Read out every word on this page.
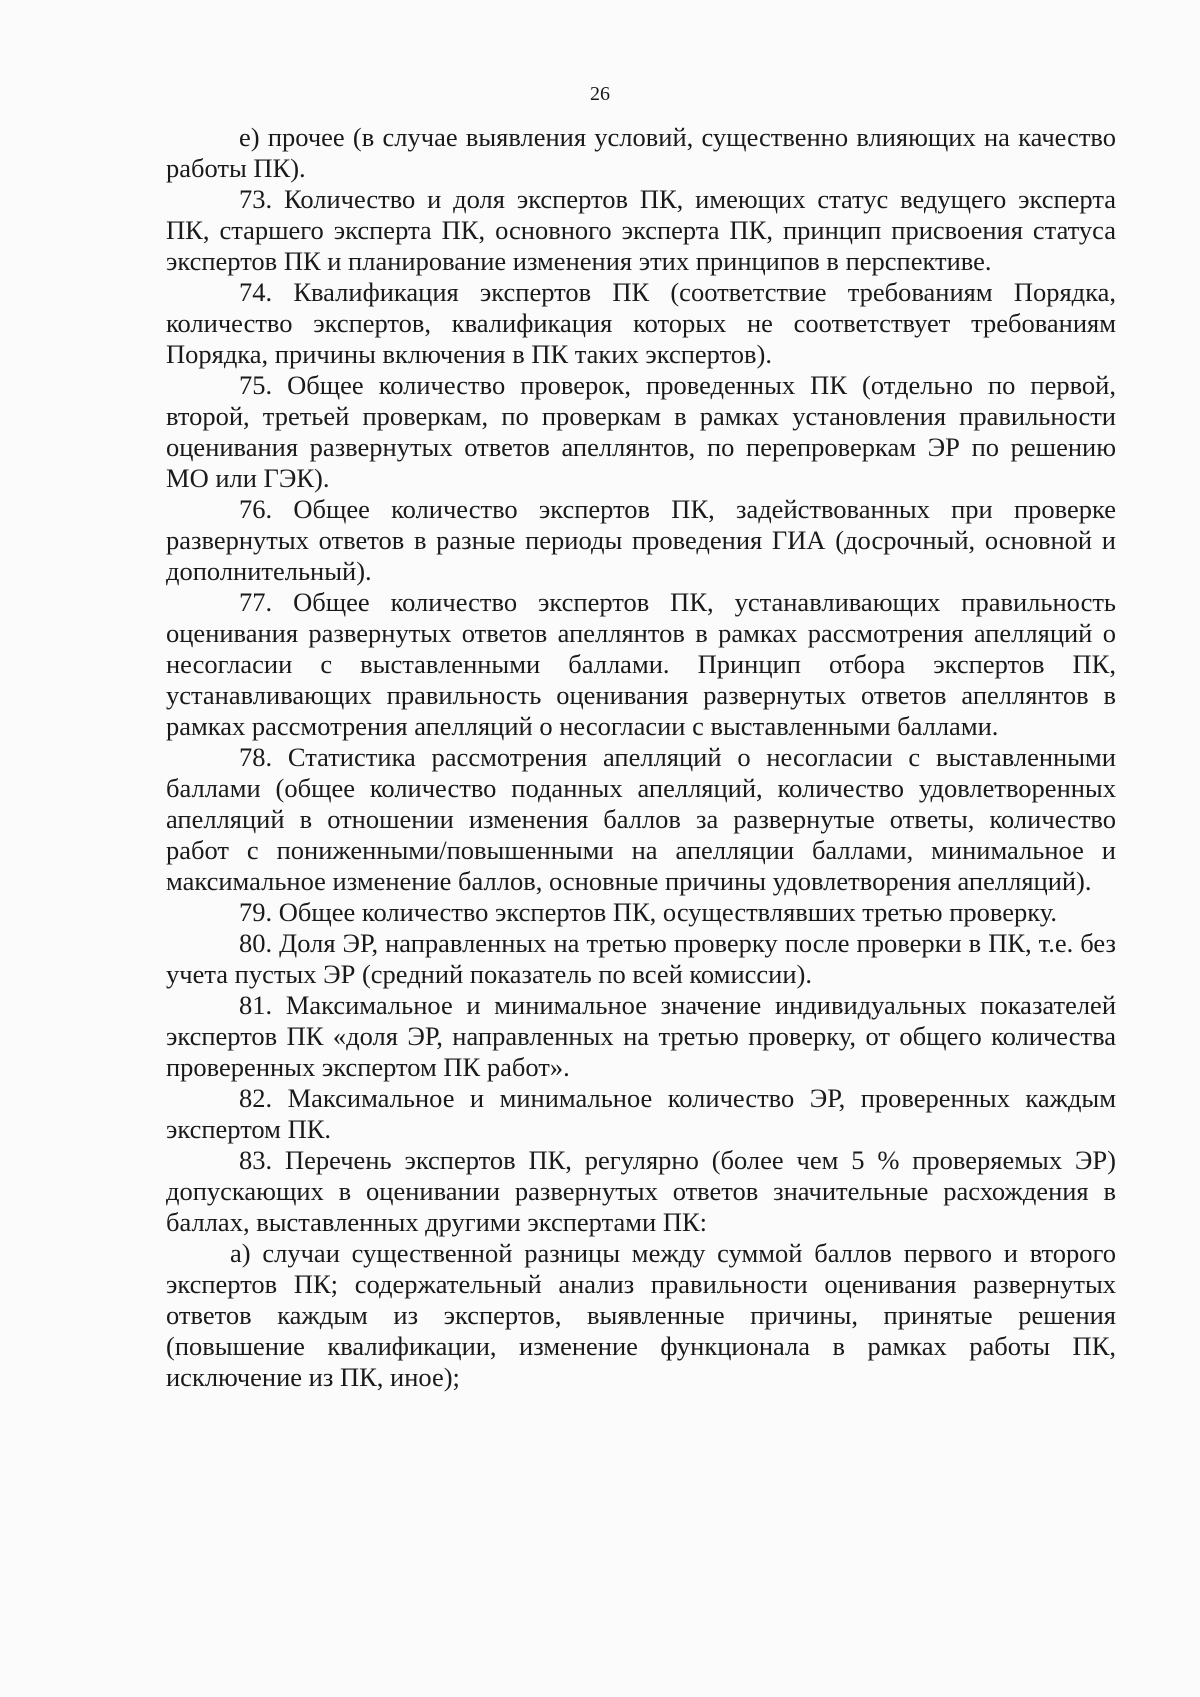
26

е) прочее (в случае выявления условий, существенно влияющих на качество работы ПК).

73. Количество и доля экспертов ПК, имеющих статус ведущего эксперта ПК, старшего эксперта ПК, основного эксперта ПК, принцип присвоения статуса экспертов ПК и планирование изменения этих принципов в перспективе.

74. Квалификация экспертов ПК (соответствие требованиям Порядка, количество экспертов, квалификация которых не соответствует требованиям Порядка, причины включения в ПК таких экспертов).

75. Общее количество проверок, проведенных ПК (отдельно по первой, второй, третьей проверкам, по проверкам в рамках установления правильности оценивания развернутых ответов апеллянтов, по перепроверкам ЭР по решению МО или ГЭК).

76. Общее количество экспертов ПК, задействованных при проверке развернутых ответов в разные периоды проведения ГИА (досрочный, основной и дополнительный).

77. Общее количество экспертов ПК, устанавливающих правильность оценивания развернутых ответов апеллянтов в рамках рассмотрения апелляций о несогласии с выставленными баллами. Принцип отбора экспертов ПК, устанавливающих правильность оценивания развернутых ответов апеллянтов в рамках рассмотрения апелляций о несогласии с выставленными баллами.

78. Статистика рассмотрения апелляций о несогласии с выставленными баллами (общее количество поданных апелляций, количество удовлетворенных апелляций в отношении изменения баллов за развернутые ответы, количество работ с пониженными/повышенными на апелляции баллами, минимальное и максимальное изменение баллов, основные причины удовлетворения апелляций).

79. Общее количество экспертов ПК, осуществлявших третью проверку.

80. Доля ЭР, направленных на третью проверку после проверки в ПК, т.е. без учета пустых ЭР (средний показатель по всей комиссии).

81. Максимальное и минимальное значение индивидуальных показателей экспертов ПК «доля ЭР, направленных на третью проверку, от общего количества проверенных экспертом ПК работ».

82. Максимальное и минимальное количество ЭР, проверенных каждым экспертом ПК.

83. Перечень экспертов ПК, регулярно (более чем 5 % проверяемых ЭР) допускающих в оценивании развернутых ответов значительные расхождения в баллах, выставленных другими экспертами ПК:

а) случаи существенной разницы между суммой баллов первого и второго экспертов ПК; содержательный анализ правильности оценивания развернутых ответов каждым из экспертов, выявленные причины, принятые решения (повышение квалификации, изменение функционала в рамках работы ПК, исключение из ПК, иное);
